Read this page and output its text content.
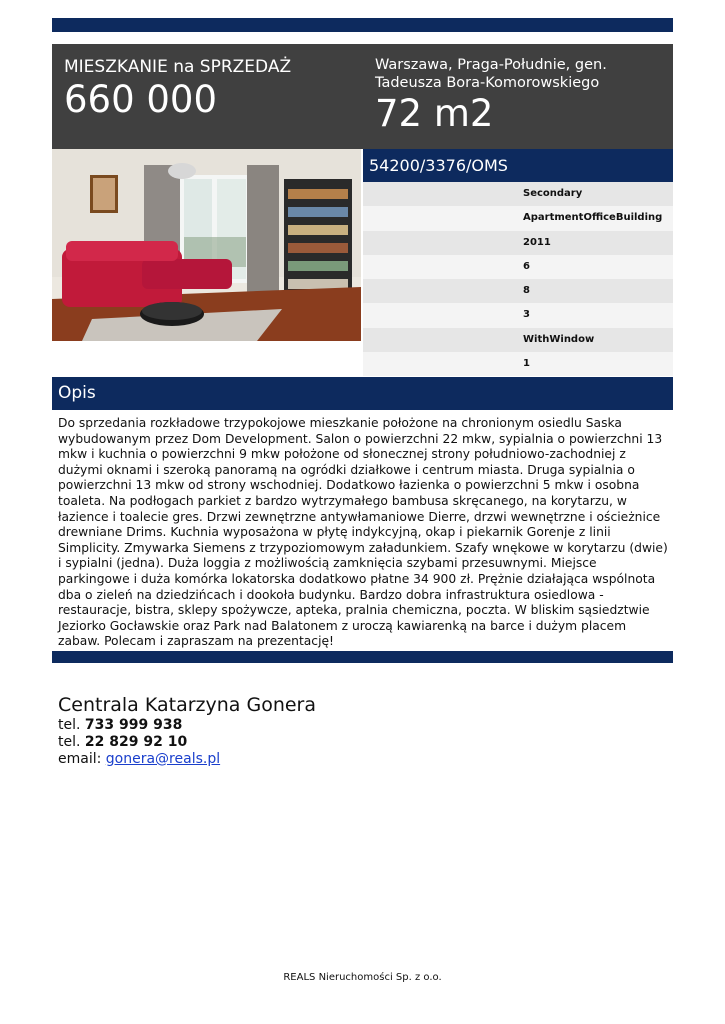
MIESZKANIE na SPRZEDAŻ
660 000
Warszawa, Praga-Południe, gen. Tadeusza Bora-Komorowskiego
72 m2
54200/3376/OMS
Secondary
ApartmentOfficeBuilding
2011
6
8
3
WithWindow
1
Opis
Do sprzedania rozkładowe trzypokojowe mieszkanie położone na chronionym osiedlu Saska wybudowanym przez Dom Development. Salon o powierzchni 22 mkw, sypialnia o powierzchni 13 mkw i kuchnia o powierzchni 9 mkw położone od słonecznej strony południowo-zachodniej z dużymi oknami i szeroką panoramą na ogródki działkowe i centrum miasta. Druga sypialnia o powierzchni 13 mkw od strony wschodniej. Dodatkowo łazienka o powierzchni 5 mkw i osobna toaleta. Na podłogach parkiet z bardzo wytrzymałego bambusa skręcanego, na korytarzu, w łazience i toalecie gres. Drzwi zewnętrzne antywłamaniowe Dierre, drzwi wewnętrzne i ościeżnice drewniane Drims. Kuchnia wyposażona w płytę indykcyjną, okap i piekarnik Gorenje z linii Simplicity. Zmywarka Siemens z trzypoziomowym załadunkiem. Szafy wnękowe w korytarzu (dwie) i sypialni (jedna). Duża loggia z możliwością zamknięcia szybami przesuwnymi. Miejsce parkingowe i duża komórka lokatorska dodatkowo płatne 34 900 zł. Prężnie działająca wspólnota dba o zieleń na dziedzińcach i dookoła budynku. Bardzo dobra infrastruktura osiedlowa - restauracje, bistra, sklepy spożywcze, apteka, pralnia chemiczna, poczta. W bliskim sąsiedztwie Jeziorko Gocławskie oraz Park nad Balatonem z uroczą kawiarenką na barce i dużym placem zabaw. Polecam i zapraszam na prezentację!
Centrala Katarzyna Gonera
tel. 733 999 938
tel. 22 829 92 10
email: gonera@reals.pl
REALS Nieruchomości Sp. z o.o.
